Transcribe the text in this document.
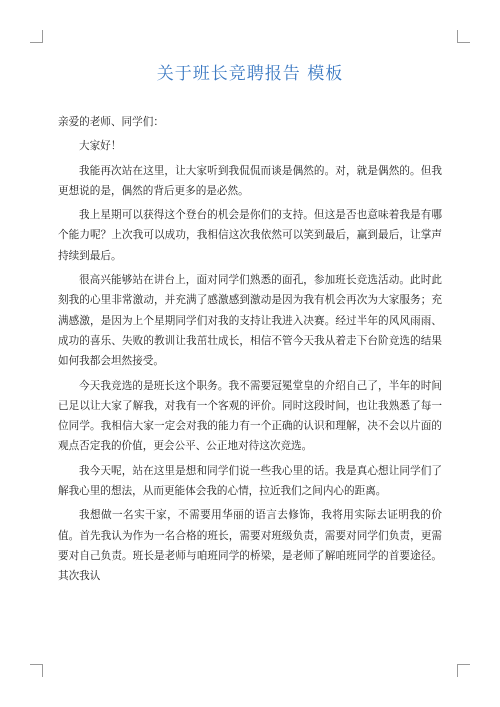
关于班长竞聘报告 模板

亲爱的老师、同学们：

大家好！

我能再次站在这里，让大家听到我侃侃而谈是偶然的。对，就是偶然的。但我更想说的是，偶然的背后更多的是必然。

我上星期可以获得这个登台的机会是你们的支持。但这是否也意味着我是有哪个能力呢？上次我可以成功，我相信这次我依然可以笑到最后，赢到最后，让掌声持续到最后。

很高兴能够站在讲台上，面对同学们熟悉的面孔，参加班长竞选活动。此时此刻我的心里非常激动，并充满了感激感到激动是因为我有机会再次为大家服务；充满感激，是因为上个星期同学们对我的支持让我进入决赛。经过半年的风风雨雨、成功的喜乐、失败的教训让我茁壮成长，相信不管今天我从着走下台阶竞选的结果如何我都会坦然接受。

今天我竞选的是班长这个职务。我不需要冠冕堂皇的介绍自己了，半年的时间已足以让大家了解我，对我有一个客观的评价。同时这段时间，也让我熟悉了每一位同学。我相信大家一定会对我的能力有一个正确的认识和理解，决不会以片面的观点否定我的价值，更会公平、公正地对待这次竞选。

我今天呢，站在这里是想和同学们说一些我心里的话。我是真心想让同学们了解我心里的想法，从而更能体会我的心情，拉近我们之间内心的距离。

我想做一名实干家，不需要用华丽的语言去修饰，我将用实际去证明我的价值。首先我认为作为一名合格的班长，需要对班级负责，需要对同学们负责，更需要对自己负责。班长是老师与咱班同学的桥梁，是老师了解咱班同学的首要途径。其次我认
